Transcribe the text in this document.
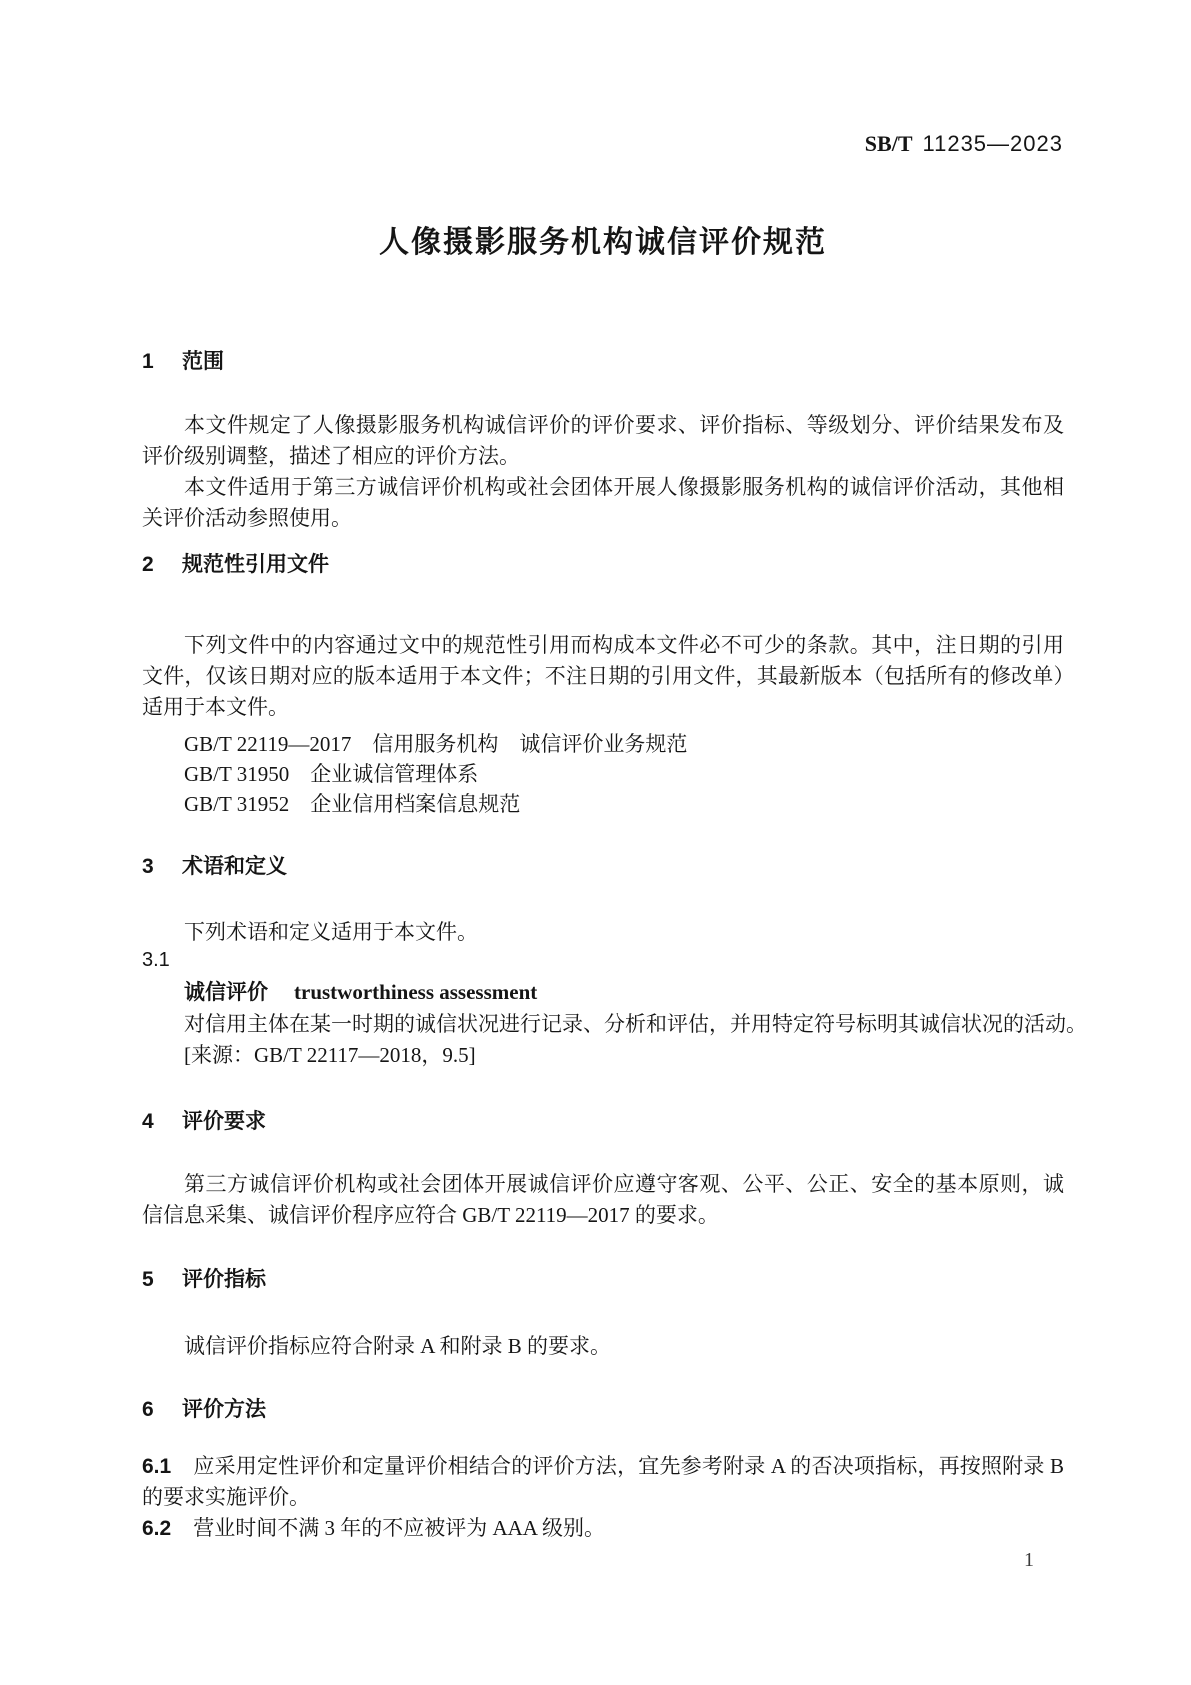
SB/T 11235—2023
人像摄影服务机构诚信评价规范
1 范围
本文件规定了人像摄影服务机构诚信评价的评价要求、评价指标、等级划分、评价结果发布及评价级别调整，描述了相应的评价方法。
本文件适用于第三方诚信评价机构或社会团体开展人像摄影服务机构的诚信评价活动，其他相关评价活动参照使用。
2 规范性引用文件
下列文件中的内容通过文中的规范性引用而构成本文件必不可少的条款。其中，注日期的引用文件，仅该日期对应的版本适用于本文件；不注日期的引用文件，其最新版本（包括所有的修改单）适用于本文件。
GB/T 22119—2017　信用服务机构　诚信评价业务规范
GB/T 31950　企业诚信管理体系
GB/T 31952　企业信用档案信息规范
3 术语和定义
下列术语和定义适用于本文件。
3.1
诚信评价 trustworthiness assessment
对信用主体在某一时期的诚信状况进行记录、分析和评估，并用特定符号标明其诚信状况的活动。
[来源：GB/T 22117—2018，9.5]
4 评价要求
第三方诚信评价机构或社会团体开展诚信评价应遵守客观、公平、公正、安全的基本原则，诚信信息采集、诚信评价程序应符合 GB/T 22119—2017 的要求。
5 评价指标
诚信评价指标应符合附录 A 和附录 B 的要求。
6 评价方法
6.1 应采用定性评价和定量评价相结合的评价方法，宜先参考附录 A 的否决项指标，再按照附录 B 的要求实施评价。
6.2 营业时间不满 3 年的不应被评为 AAA 级别。
1
